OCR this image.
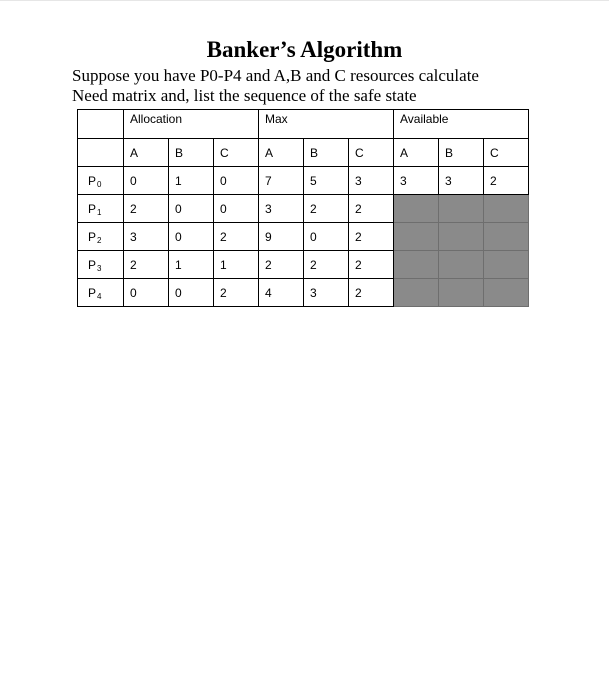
Banker’s Algorithm
Suppose you have P0-P4 and A,B and C resources calculate
Need matrix and, list the sequence of the safe state
	Allocation			Max			Available		
	A	B	C	A	B	C	A	B	C
P0	0	1	0	7	5	3	3	3	2
P1	2	0	0	3	2	2			
P2	3	0	2	9	0	2			
P3	2	1	1	2	2	2			
P4	0	0	2	4	3	2			
